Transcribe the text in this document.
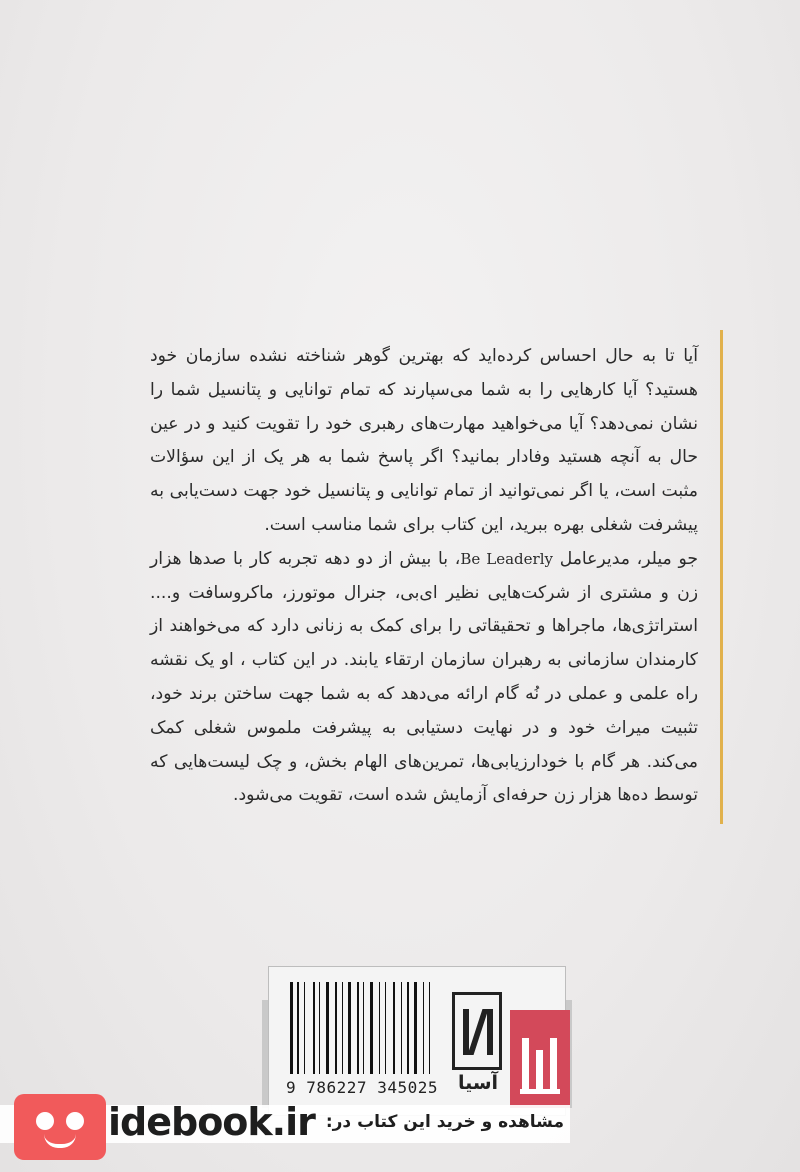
آیا تا به حال احساس کرده‌اید که بهترین گوهر شناخته نشده سازمان خود هستید؟ آیا کارهایی را به شما می‌سپارند که تمام توانایی و پتانسیل شما را نشان نمی‌دهد؟ آیا می‌خواهید مهارت‌های رهبری خود را تقویت کنید و در عین حال به آنچه هستید وفادار بمانید؟ اگر پاسخ شما به هر یک از این سؤالات مثبت است، یا اگر نمی‌توانید از تمام توانایی و پتانسیل خود جهت دست‌یابی به پیشرفت شغلی بهره ببرید، این کتاب برای شما مناسب است.

جو میلر، مدیرعامل Be Leaderly، با بیش از دو دهه تجربه کار با صدها هزار زن و مشتری از شرکت‌هایی نظیر ای‌بی، جنرال موتورز، ماکروسافت و.... استراتژی‌ها، ماجراها و تحقیقاتی را برای کمک به زنانی دارد که می‌خواهند از کارمندان سازمانی به رهبران سازمان ارتقاء یابند. در این کتاب ، او یک نقشه راه علمی و عملی در نُه گام ارائه می‌دهد که به شما جهت ساختن برند خود، تثبیت میراث خود و در نهایت دستیابی به پیشرفت ملموس شغلی کمک می‌کند. هر گام با خودارزیابی‌ها، تمرین‌های الهام بخش، و چک لیست‌هایی که توسط ده‌ها هزار زن حرفه‌ای آزمایش شده است، تقویت می‌شود.

9 786227 345025	آسیا
idebook.ir مشاهده و خرید این کتاب در:
